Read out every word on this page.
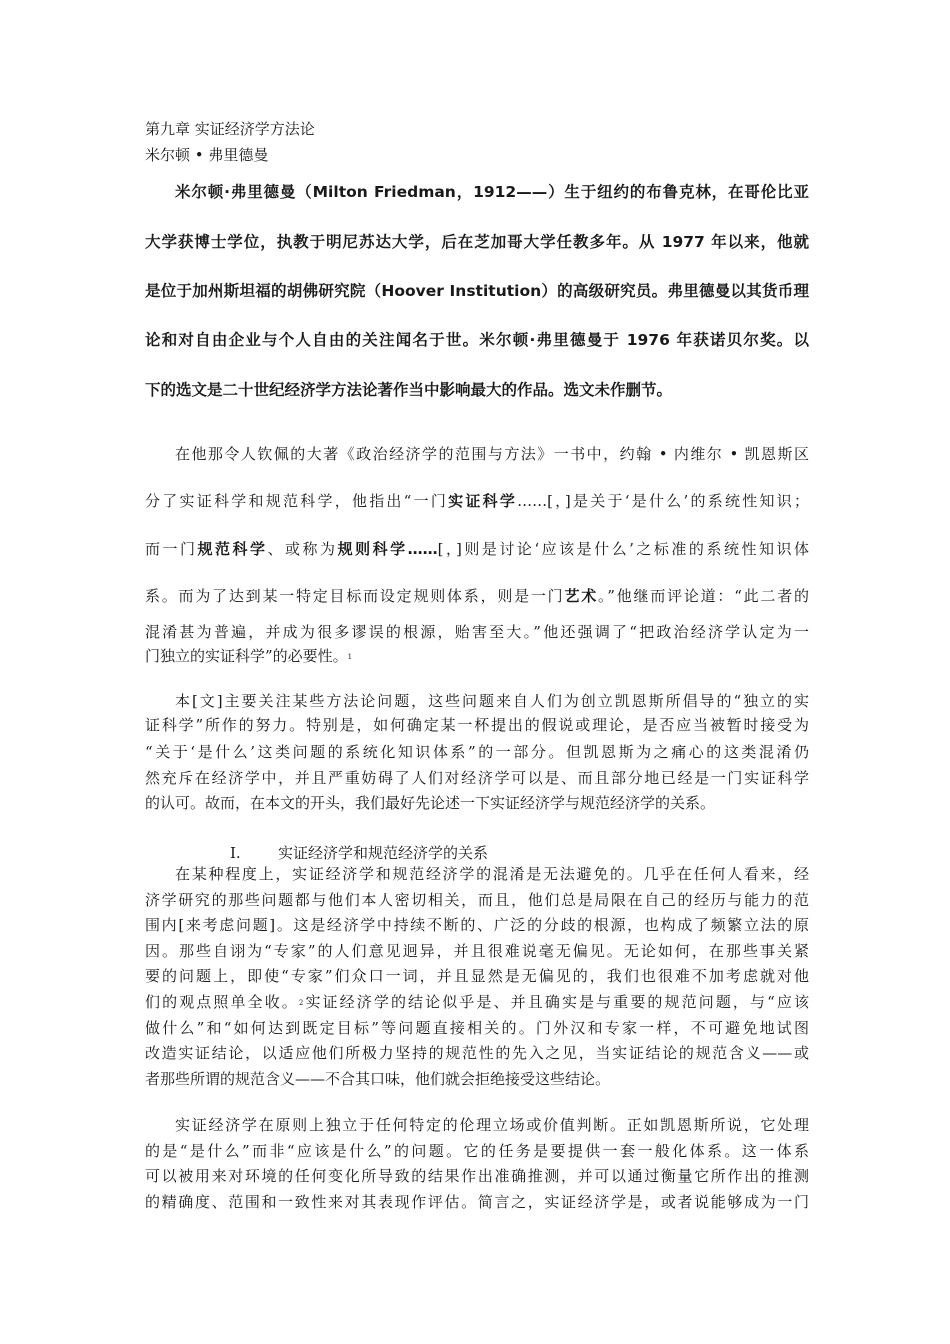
第九章 实证经济学方法论
米尔顿 • 弗里德曼
米尔顿·弗里德曼（Milton Friedman，1912——）生于纽约的布鲁克林，在哥伦比亚
大学获博士学位，执教于明尼苏达大学，后在芝加哥大学任教多年。从 1977 年以来，他就
是位于加州斯坦福的胡佛研究院（Hoover Institution）的高级研究员。弗里德曼以其货币理
论和对自由企业与个人自由的关注闻名于世。米尔顿·弗里德曼于 1976 年获诺贝尔奖。以
下的选文是二十世纪经济学方法论著作当中影响最大的作品。选文未作删节。
在他那令人钦佩的大著《政治经济学的范围与方法》一书中，约翰 • 内维尔 • 凯恩斯区
分了实证科学和规范科学，他指出“一门实证科学……[，]是关于‘是什么’的系统性知识；
而一门规范科学、或称为规则科学……[，]则是讨论‘应该是什么’之标准的系统性知识体
系。而为了达到某一特定目标而设定规则体系，则是一门艺术。”他继而评论道：“此二者的
混淆甚为普遍，并成为很多谬误的根源，贻害至大。”他还强调了“把政治经济学认定为一
门独立的实证科学”的必要性。$^1$
本[文]主要关注某些方法论问题，这些问题来自人们为创立凯恩斯所倡导的“独立的实
证科学”所作的努力。特别是，如何确定某一杯提出的假说或理论，是否应当被暂时接受为
“关于‘是什么’这类问题的系统化知识体系”的一部分。但凯恩斯为之痛心的这类混淆仍
然充斥在经济学中，并且严重妨碍了人们对经济学可以是、而且部分地已经是一门实证科学
的认可。故而，在本文的开头，我们最好先论述一下实证经济学与规范经济学的关系。
I. 实证经济学和规范经济学的关系
在某种程度上，实证经济学和规范经济学的混淆是无法避免的。几乎在任何人看来，经
济学研究的那些问题都与他们本人密切相关，而且，他们总是局限在自己的经历与能力的范
围内[来考虑问题]。这是经济学中持续不断的、广泛的分歧的根源，也构成了频繁立法的原
因。那些自诩为“专家”的人们意见迥异，并且很难说毫无偏见。无论如何，在那些事关紧
要的问题上，即使“专家”们众口一词，并且显然是无偏见的，我们也很难不加考虑就对他
们的观点照单全收。$^2$实证经济学的结论似乎是、并且确实是与重要的规范问题，与“应该
做什么”和“如何达到既定目标”等问题直接相关的。门外汉和专家一样，不可避免地试图
改造实证结论，以适应他们所极力坚持的规范性的先入之见，当实证结论的规范含义——或
者那些所谓的规范含义——不合其口味，他们就会拒绝接受这些结论。
实证经济学在原则上独立于任何特定的伦理立场或价值判断。正如凯恩斯所说，它处理
的是“是什么”而非“应该是什么”的问题。它的任务是要提供一套一般化体系。这一体系
可以被用来对环境的任何变化所导致的结果作出准确推测，并可以通过衡量它所作出的推测
的精确度、范围和一致性来对其表现作评估。简言之，实证经济学是，或者说能够成为一门
